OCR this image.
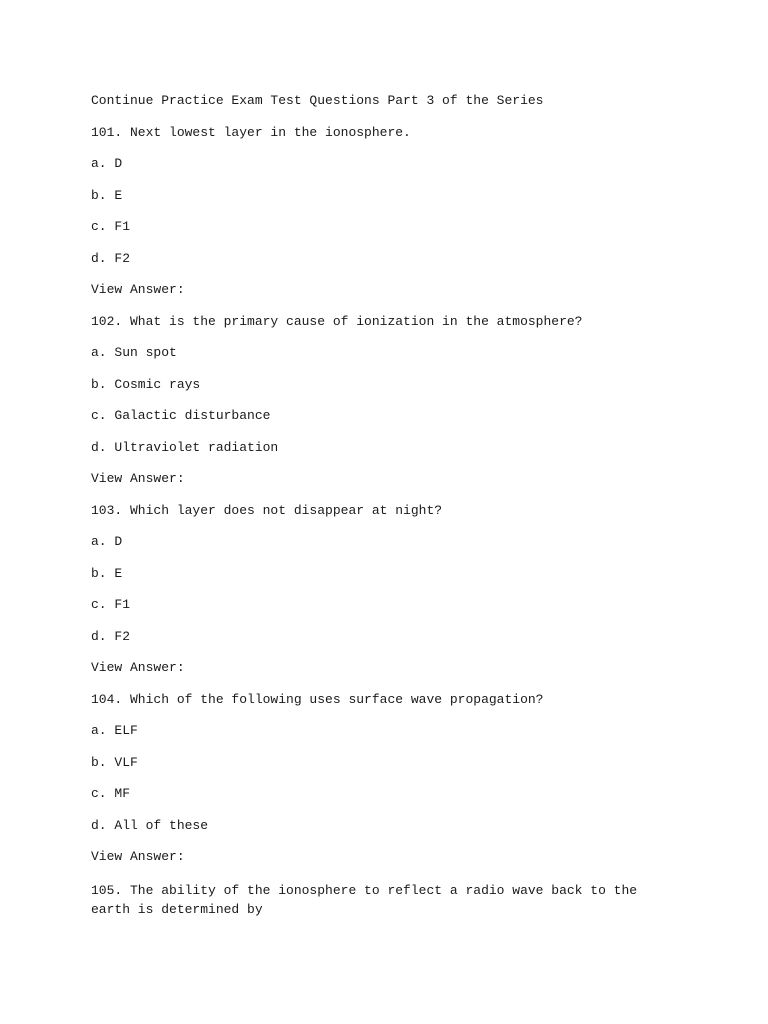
Continue Practice Exam Test Questions Part 3 of the Series
101. Next lowest layer in the ionosphere.
a. D
b. E
c. F1
d. F2
View Answer:
102. What is the primary cause of ionization in the atmosphere?
a. Sun spot
b. Cosmic rays
c. Galactic disturbance
d. Ultraviolet radiation
View Answer:
103. Which layer does not disappear at night?
a. D
b. E
c. F1
d. F2
View Answer:
104. Which of the following uses surface wave propagation?
a. ELF
b. VLF
c. MF
d. All of these
View Answer:
105. The ability of the ionosphere to reflect a radio wave back to the earth is determined by
